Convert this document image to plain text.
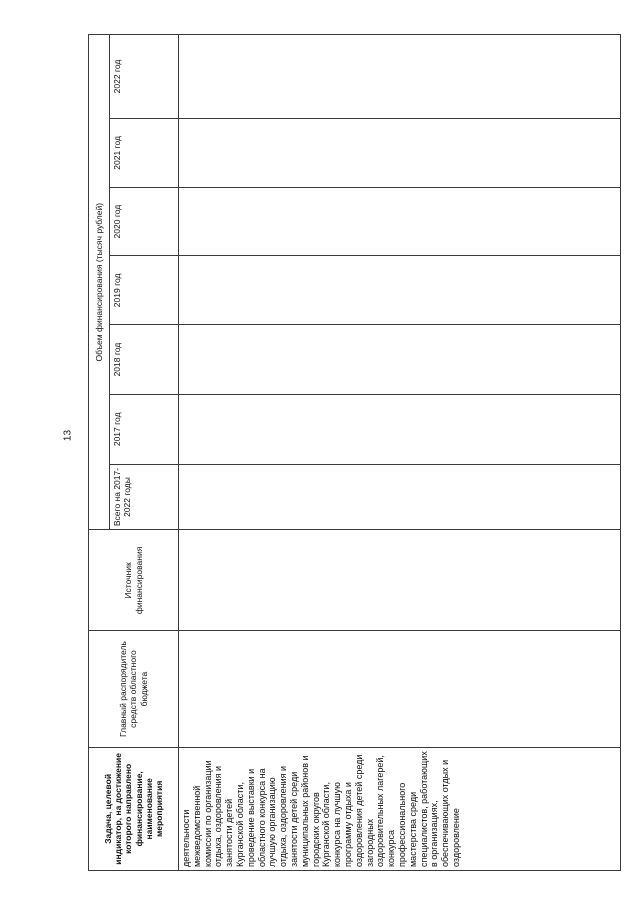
13
Задача, целевой индикатор, на достижение которого направлено финансирование, наименование мероприятия	Главный распорядитель средств областного бюджета	Источник финансирования	Объем финансирования (тысяч рублей)						
			Всего на 2017-2022 годы	2017 год	2018 год	2019 год	2020 год	2021 год	2022 год
деятельности межведомственной комиссии по организации отдыха, оздоровления и занятости детей Курганской области, проведение выставки и областного конкурса на лучшую организацию отдыха, оздоровления и занятости детей среди муниципальных районов и городских округов Курганской области, конкурса на лучшую программу отдыха и оздоровления детей среди загородных оздоровительных лагерей, конкурса профессионального мастерства среди специалистов, работающих в организациях, обеспечивающих отдых и оздоровление									
